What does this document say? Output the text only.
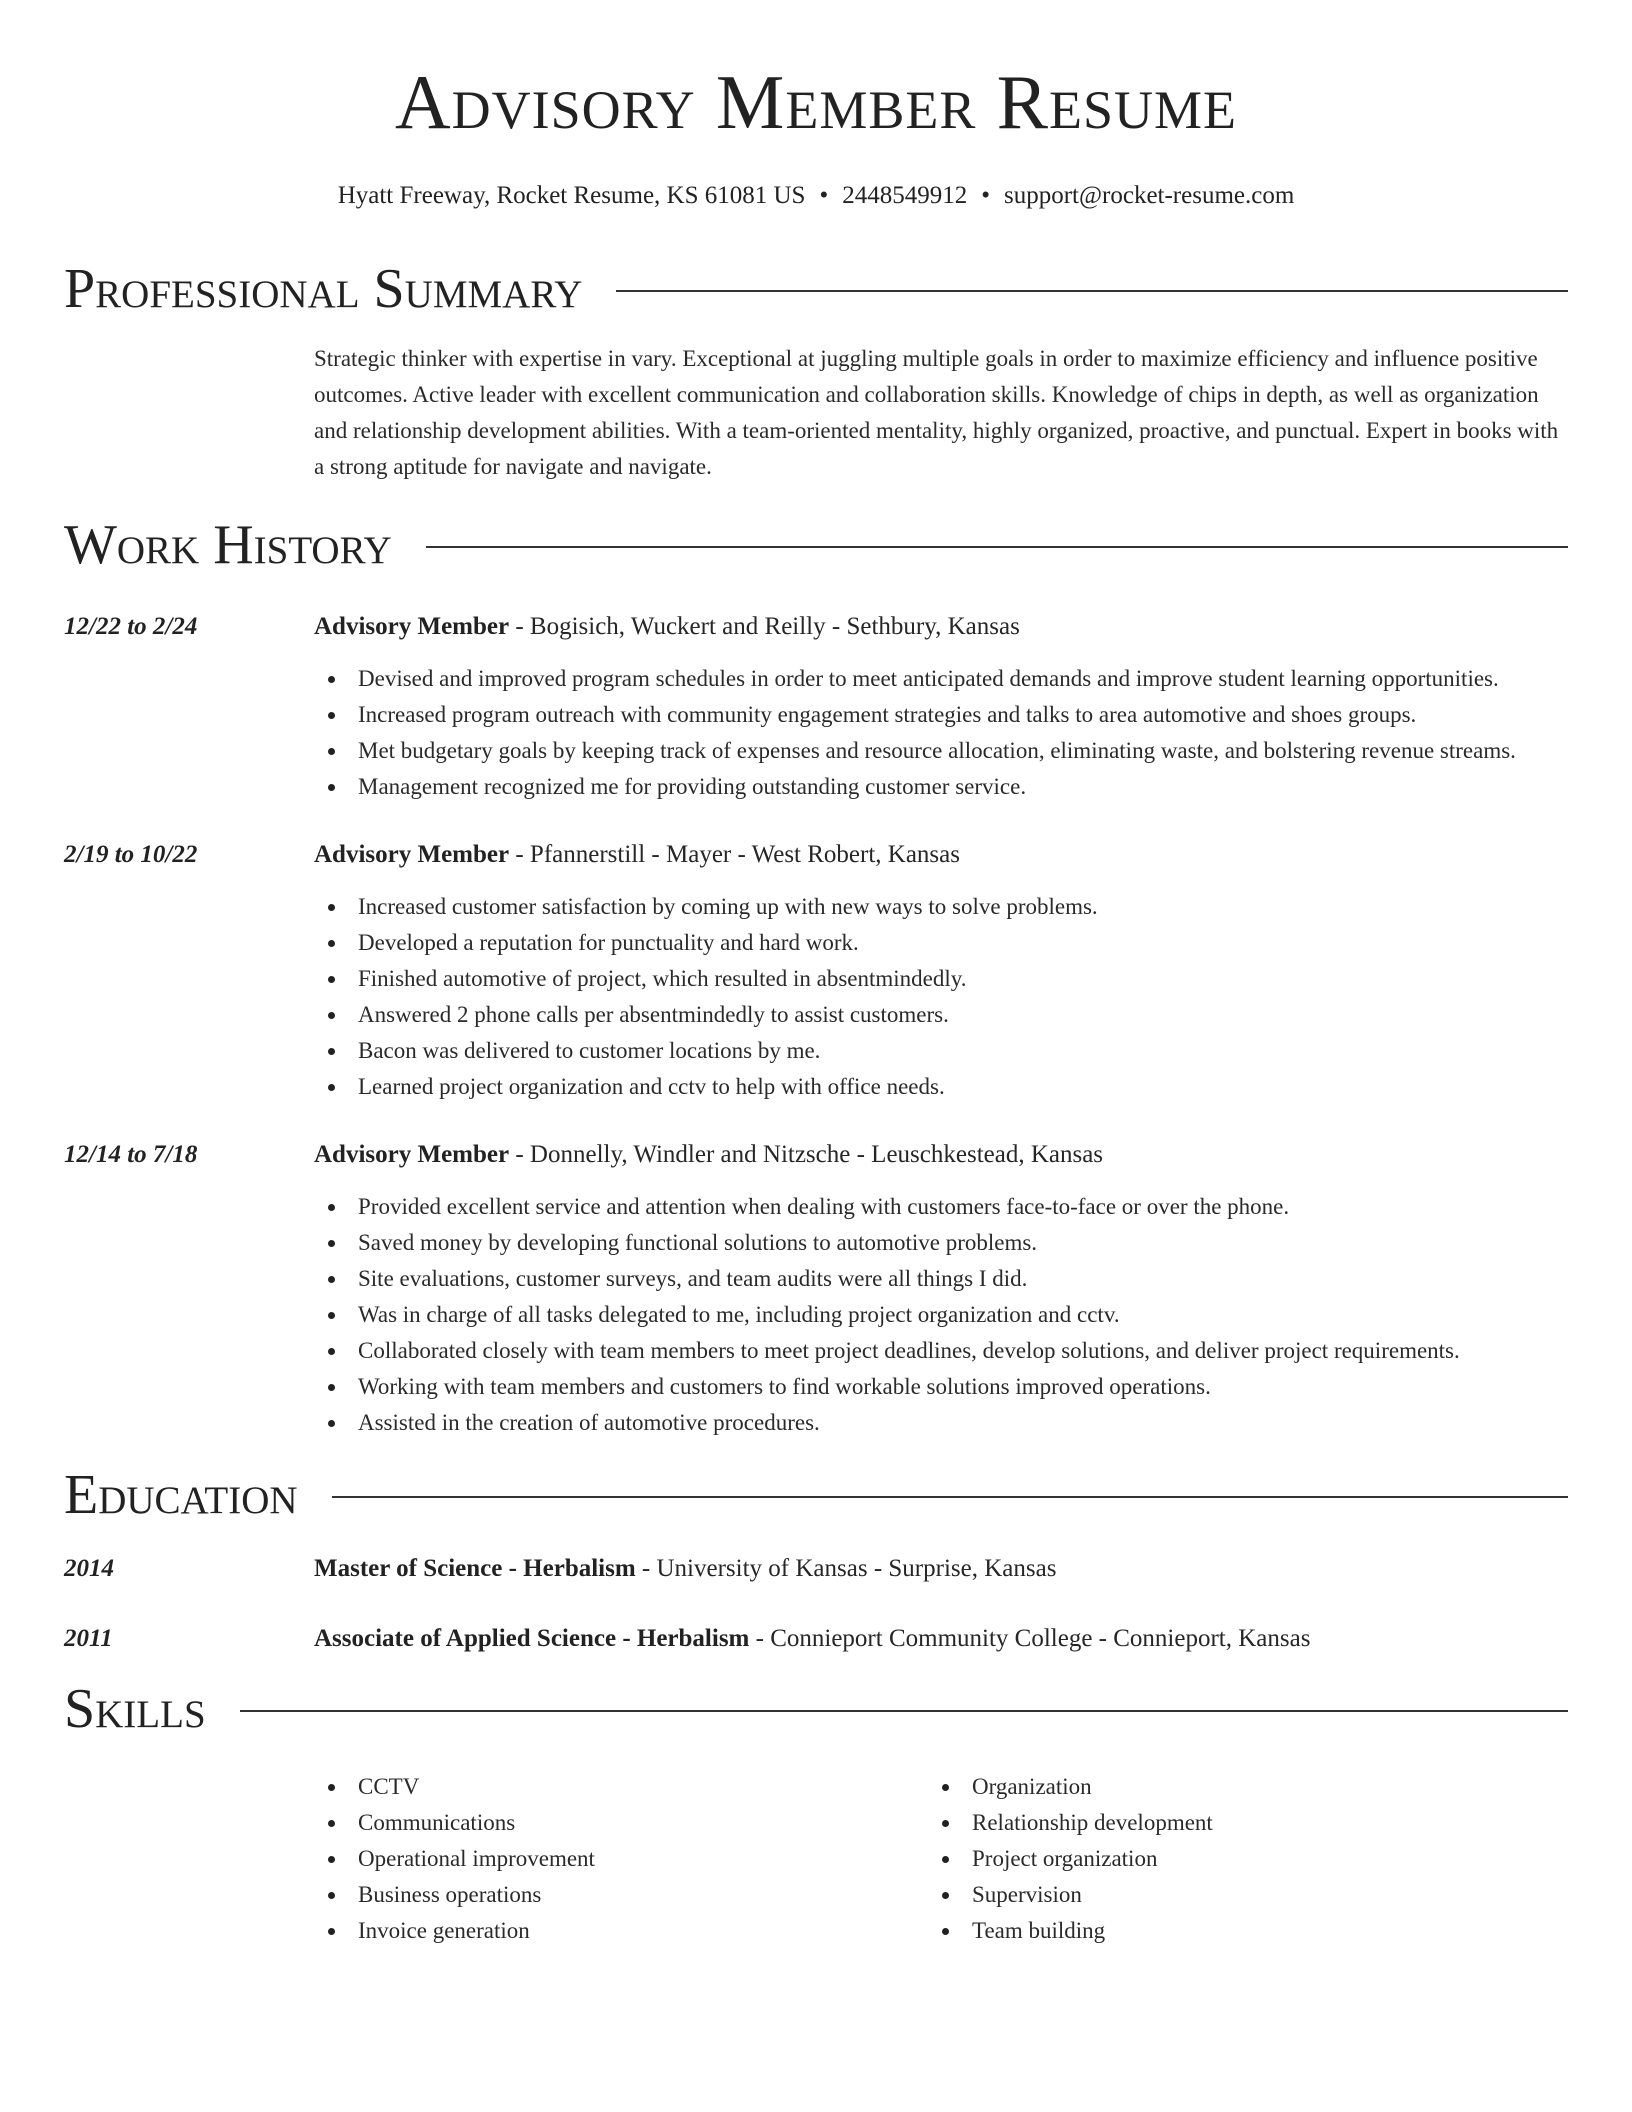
Advisory Member Resume
Hyatt Freeway, Rocket Resume, KS 61081 US • 2448549912 • support@rocket-resume.com
Professional Summary

Strategic thinker with expertise in vary. Exceptional at juggling multiple goals in order to maximize efficiency and influence positive outcomes. Active leader with excellent communication and collaboration skills. Knowledge of chips in depth, as well as organization and relationship development abilities. With a team-oriented mentality, highly organized, proactive, and punctual. Expert in books with a strong aptitude for navigate and navigate.

Work History
12/22 to 2/24	Advisory Member - Bogisich, Wuckert and Reilly - Sethbury, Kansas
Devised and improved program schedules in order to meet anticipated demands and improve student learning opportunities.
Increased program outreach with community engagement strategies and talks to area automotive and shoes groups.
Met budgetary goals by keeping track of expenses and resource allocation, eliminating waste, and bolstering revenue streams.
Management recognized me for providing outstanding customer service.
2/19 to 10/22	Advisory Member - Pfannerstill - Mayer - West Robert, Kansas
Increased customer satisfaction by coming up with new ways to solve problems.
Developed a reputation for punctuality and hard work.
Finished automotive of project, which resulted in absentmindedly.
Answered 2 phone calls per absentmindedly to assist customers.
Bacon was delivered to customer locations by me.
Learned project organization and cctv to help with office needs.
12/14 to 7/18	Advisory Member - Donnelly, Windler and Nitzsche - Leuschkestead, Kansas
Provided excellent service and attention when dealing with customers face-to-face or over the phone.
Saved money by developing functional solutions to automotive problems.
Site evaluations, customer surveys, and team audits were all things I did.
Was in charge of all tasks delegated to me, including project organization and cctv.
Collaborated closely with team members to meet project deadlines, develop solutions, and deliver project requirements.
Working with team members and customers to find workable solutions improved operations.
Assisted in the creation of automotive procedures.
Education
2014	Master of Science - Herbalism - University of Kansas - Surprise, Kansas
2011	Associate of Applied Science - Herbalism - Connieport Community College - Connieport, Kansas
Skills
CCTV
Communications
Operational improvement
Business operations
Invoice generation
Organization
Relationship development
Project organization
Supervision
Team building
